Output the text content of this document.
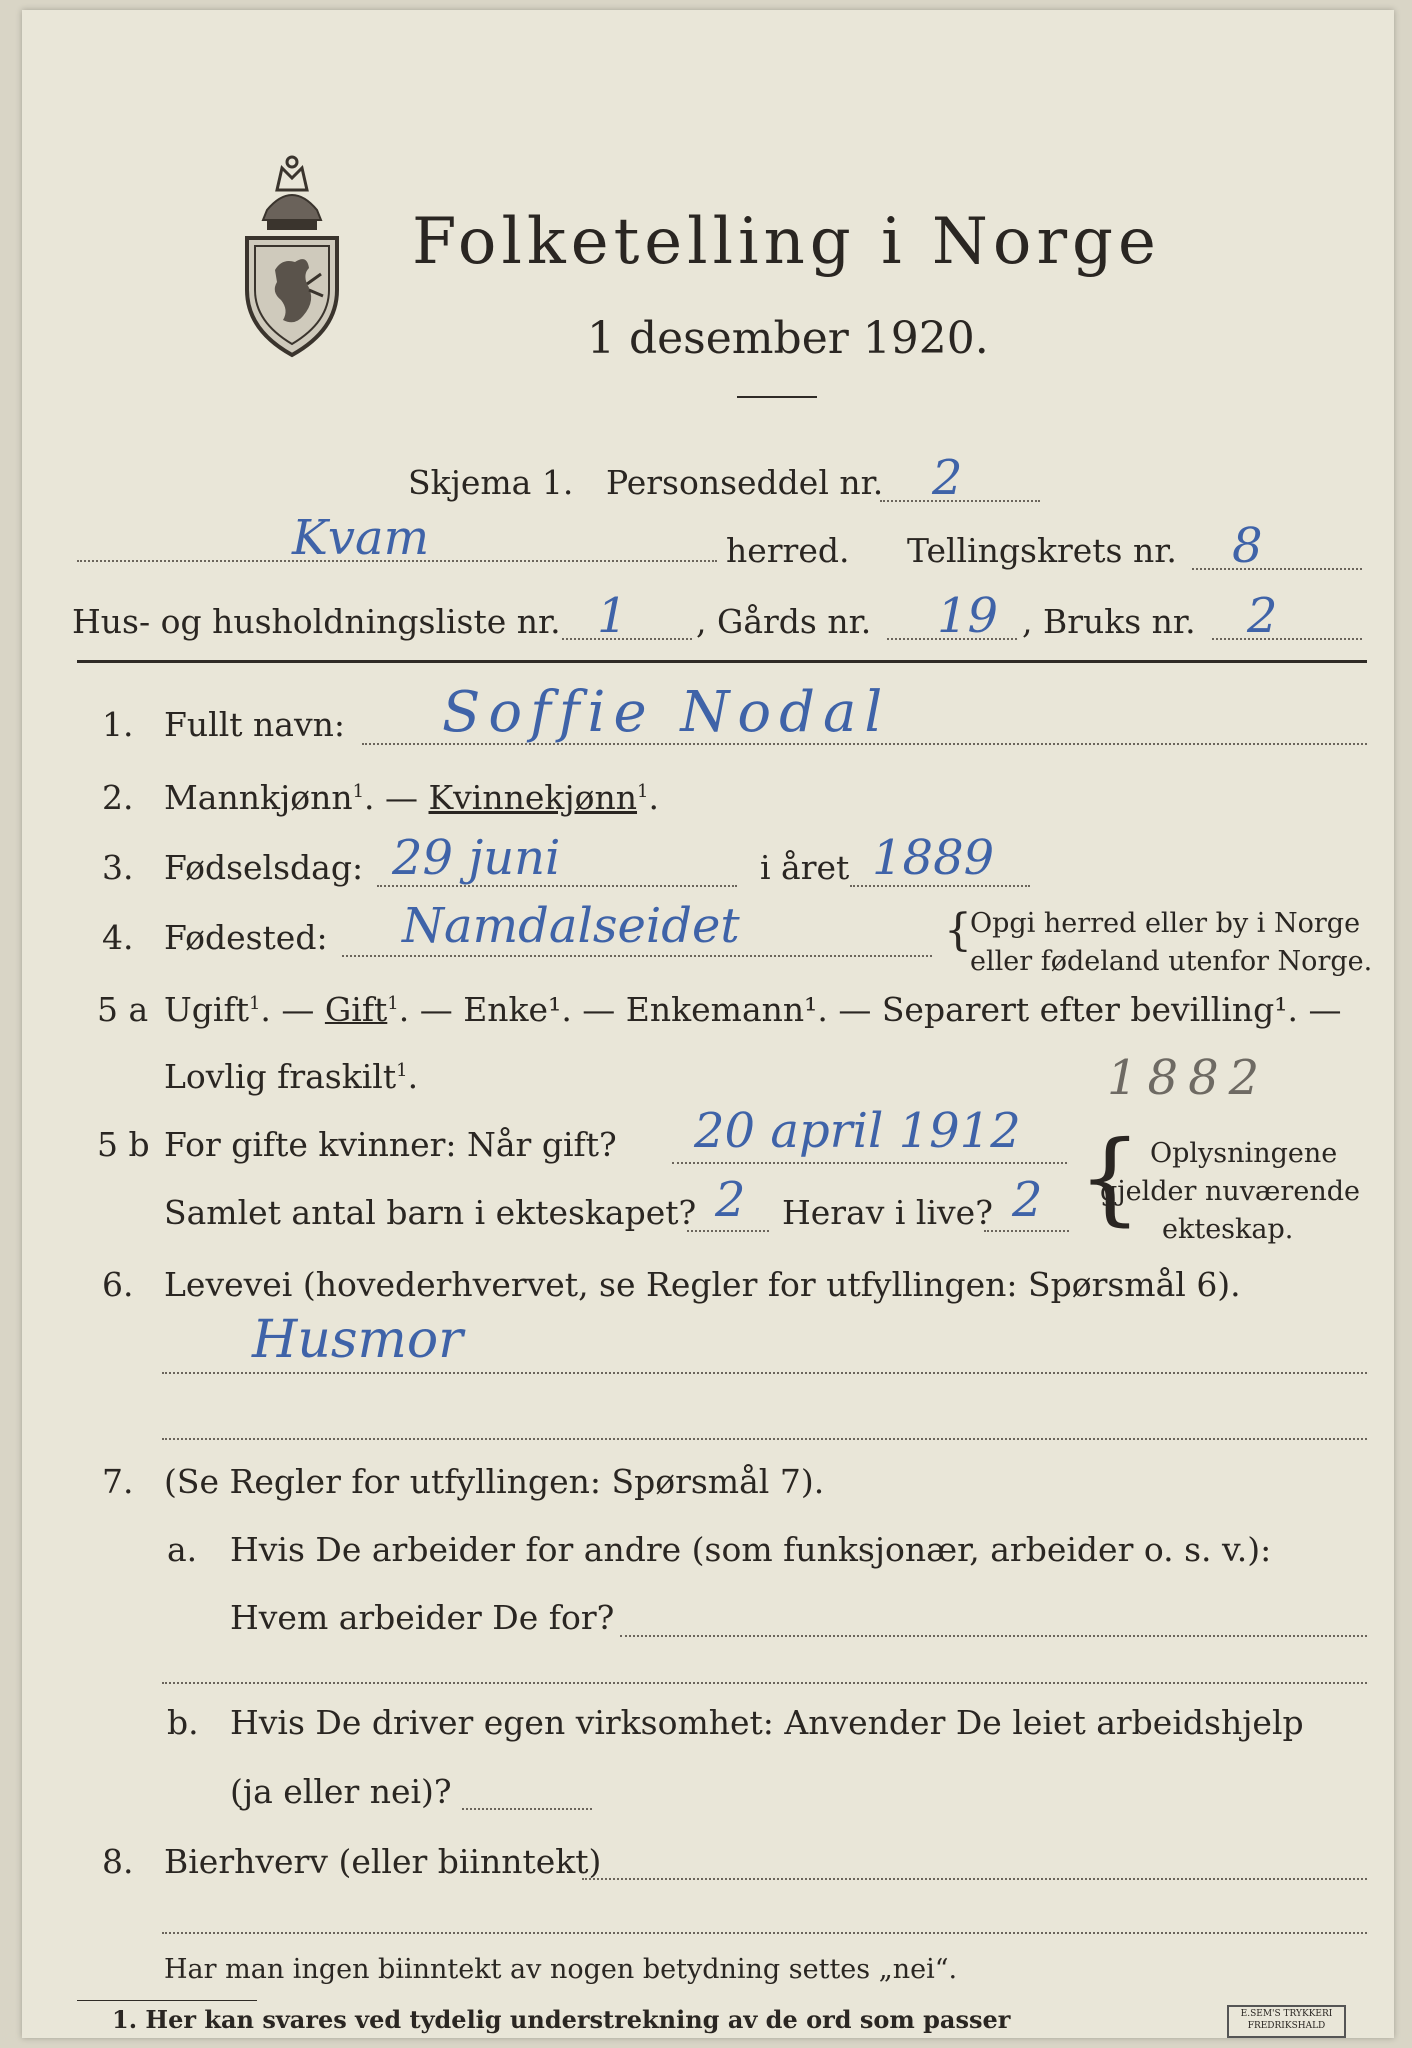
Folketelling i Norge
1 desember 1920.
Skjema 1. Personseddel nr. 2
Kvam	herred. Tellingskrets nr. 8
Hus- og husholdningsliste nr. 1 , Gårds nr. 19 , Bruks nr. 2
1. Fullt navn: Soffie Nodal
2. Mannkjønn$^1$. — Kvinnekjønn$^1$.
3. Fødselsdag: 29 juni	i året 1889
4. Fødested: Namdalseidet	{
Opgi herred eller by i Norge
eller fødeland utenfor Norge.
5 a Ugift$^1$. — Gift$^1$. — Enke¹. — Enkemann¹. — Separert efter bevilling¹. —
Lovlig fraskilt$^1$.	1882
5 b For gifte kvinner: Når gift? 20 april 1912
Samlet antal barn i ekteskapet? 2 Herav i live? 2 { Oplysningene
gjelder nuværende
ekteskap.
6. Levevei (hovederhvervet, se Regler for utfyllingen: Spørsmål 6).
Husmor
7. (Se Regler for utfyllingen: Spørsmål 7).
a. Hvis De arbeider for andre (som funksjonær, arbeider o. s. v.):
Hvem arbeider De for?
b. Hvis De driver egen virksomhet: Anvender De leiet arbeidshjelp
(ja eller nei)?
8. Bierhverv (eller biinntekt)
Har man ingen biinntekt av nogen betydning settes „nei“.
1. Her kan svares ved tydelig understrekning av de ord som passer	E.SEM'S TRYKKERI
FREDRIKSHALD
